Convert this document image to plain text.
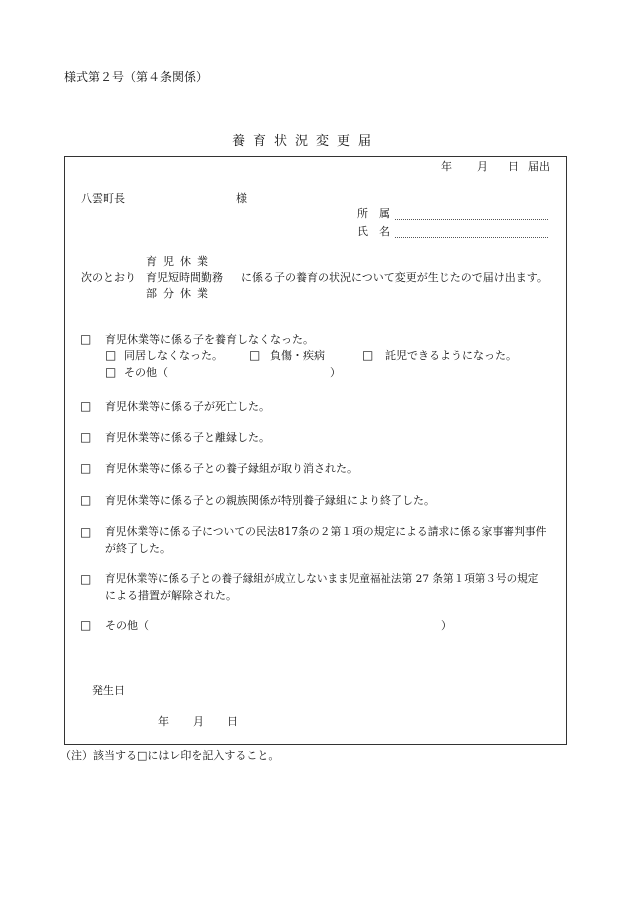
様式第２号（第４条関係）
養育状況変更届
年 月 日 届出
八雲町長	様
所　属
氏　名
育児休業
次のとおり 育児短時間勤務 に係る子の養育の状況について変更が生じたので届け出ます。
部分休業
□ 育児休業等に係る子を養育しなくなった。
□ 同居しなくなった。 □ 負傷・疾病	□ 託児できるようになった。
□ その他（	）
□ 育児休業等に係る子が死亡した。
□ 育児休業等に係る子と離縁した。
□ 育児休業等に係る子との養子縁組が取り消された。
□ 育児休業等に係る子との親族関係が特別養子縁組により終了した。
□ 育児休業等に係る子についての民法817条の２第１項の規定による請求に係る家事審判事件
が終了した。
□ 育児休業等に係る子との養子縁組が成立しないまま児童福祉法第 27 条第１項第３号の規定
による措置が解除された。
□ その他（	）
発生日
年 月 日
（注）該当する□にはレ印を記入すること。
